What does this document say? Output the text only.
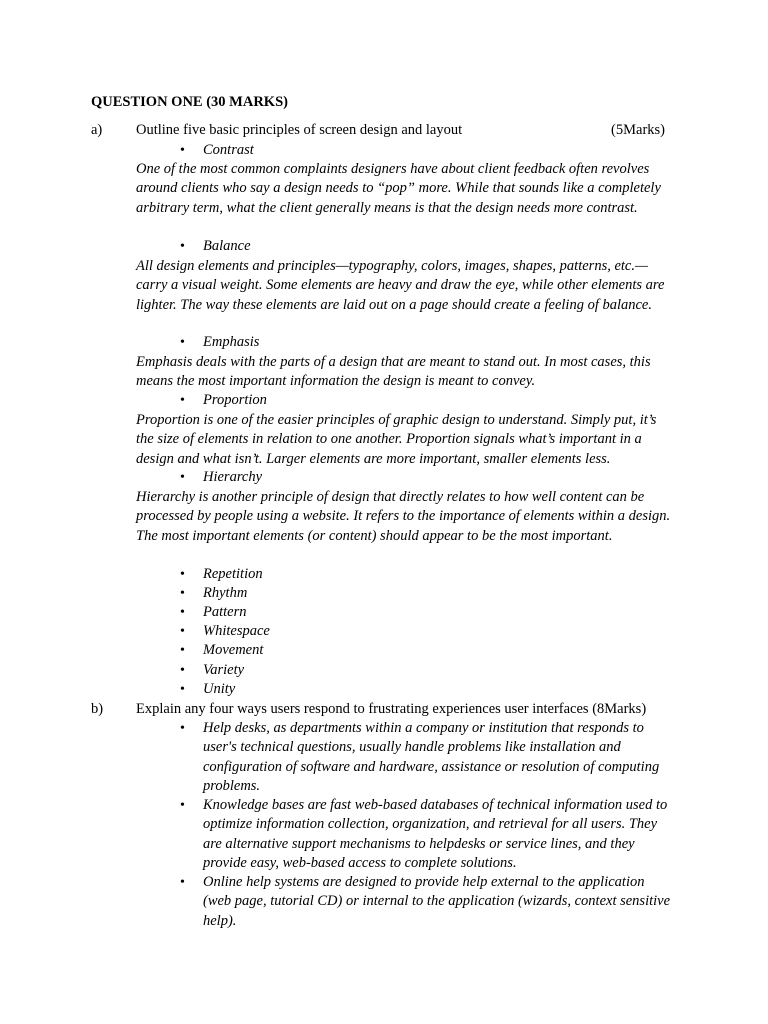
QUESTION ONE (30 MARKS)
a) Outline five basic principles of screen design and layout	(5Marks)
• Contrast
One of the most common complaints designers have about client feedback often revolves around clients who say a design needs to “pop” more. While that sounds like a completely arbitrary term, what the client generally means is that the design needs more contrast.
• Balance
All design elements and principles—typography, colors, images, shapes, patterns, etc.—carry a visual weight. Some elements are heavy and draw the eye, while other elements are lighter. The way these elements are laid out on a page should create a feeling of balance.
• Emphasis
Emphasis deals with the parts of a design that are meant to stand out. In most cases, this means the most important information the design is meant to convey.
• Proportion
Proportion is one of the easier principles of graphic design to understand. Simply put, it’s the size of elements in relation to one another. Proportion signals what’s important in a design and what isn’t. Larger elements are more important, smaller elements less.
• Hierarchy
Hierarchy is another principle of design that directly relates to how well content can be processed by people using a website. It refers to the importance of elements within a design. The most important elements (or content) should appear to be the most important.
• Repetition
• Rhythm
• Pattern
• Whitespace
• Movement
• Variety
• Unity
b) Explain any four ways users respond to frustrating experiences user interfaces (8Marks)
• Help desks, as departments within a company or institution that responds to user's technical questions, usually handle problems like installation and configuration of software and hardware, assistance or resolution of computing problems.
• Knowledge bases are fast web-based databases of technical information used to optimize information collection, organization, and retrieval for all users. They are alternative support mechanisms to helpdesks or service lines, and they provide easy, web-based access to complete solutions.
• Online help systems are designed to provide help external to the application (web page, tutorial CD) or internal to the application (wizards, context sensitive help).
